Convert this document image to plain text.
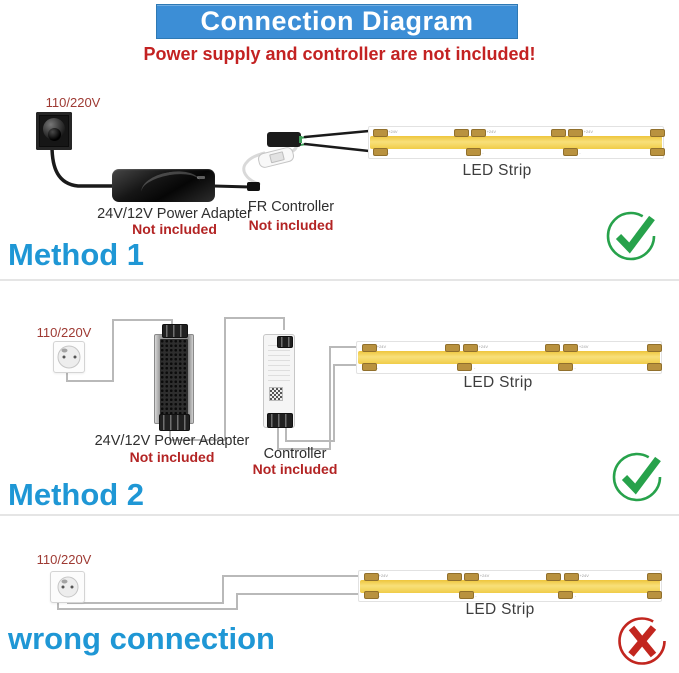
Connection Diagram
Power supply and controller are not included!
110/220V
24V/12V Power Adapter
Not included
FR Controller
Not included
+24V	+24V	+24V
-	-	-
LED Strip
Method 1
110/220V
24V/12V Power Adapter
Not included	Controller
Not included
+24V	+24V	+24V
-	-	-
LED Strip
Method 2
110/220V
+24V	+24V	+24V
-	-	-
LED Strip
wrong connection
